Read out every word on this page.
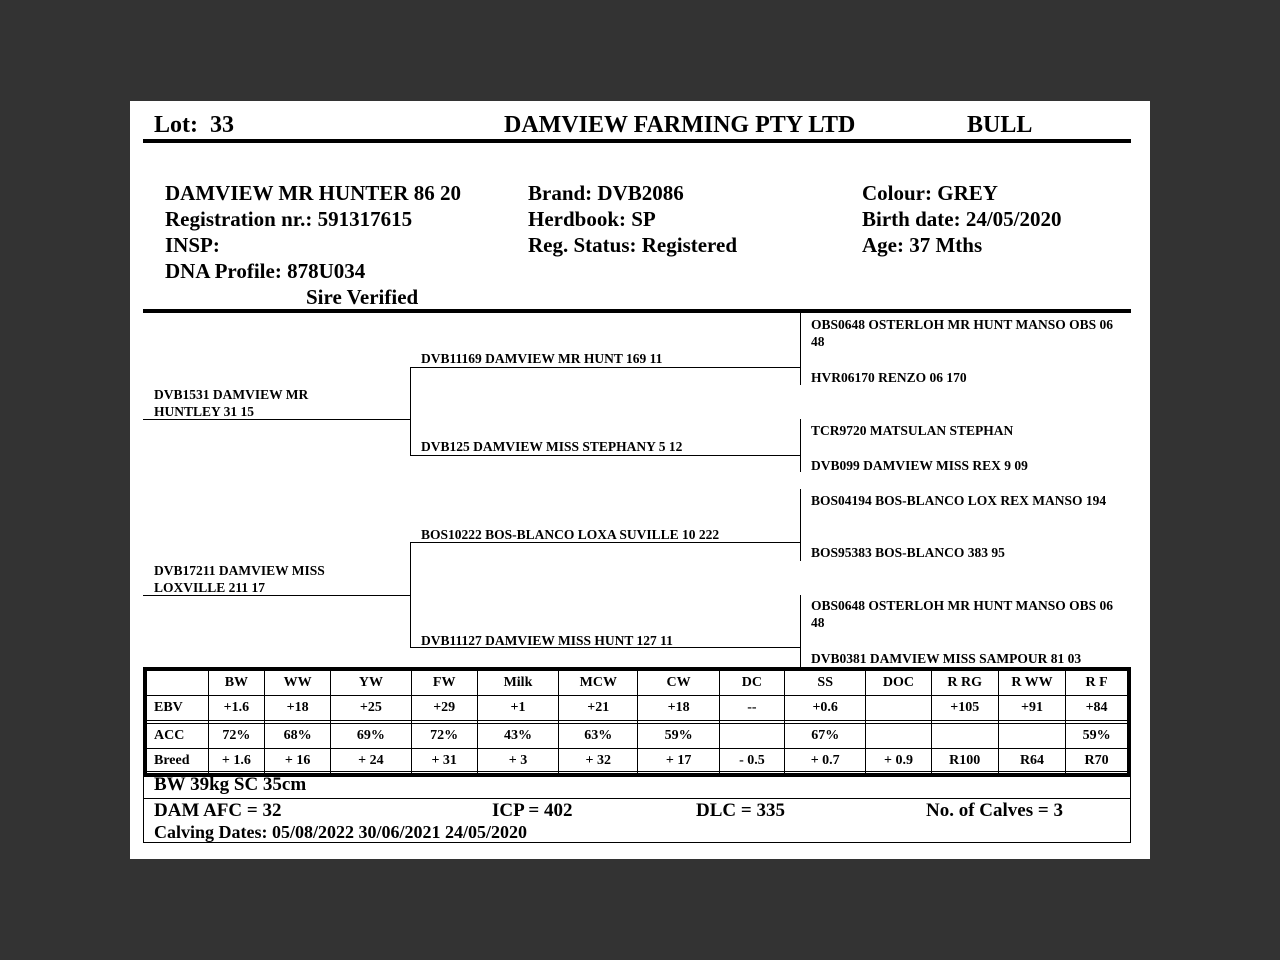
Lot: 33	DAMVIEW FARMING PTY LTD	BULL
DAMVIEW MR HUNTER 86 20
Registration nr.: 591317615
INSP:
DNA Profile: 878U034
Sire Verified
Brand: DVB2086
Herdbook: SP
Reg. Status: Registered
Colour: GREY
Birth date: 24/05/2020
Age: 37 Mths
DVB1531 DAMVIEW MR HUNTLEY 31 15
DVB17211 DAMVIEW MISS LOXVILLE 211 17
DVB11169 DAMVIEW MR HUNT 169 11
DVB125 DAMVIEW MISS STEPHANY 5 12
BOS10222 BOS-BLANCO LOXA SUVILLE 10 222
DVB11127 DAMVIEW MISS HUNT 127 11
OBS0648 OSTERLOH MR HUNT MANSO OBS 06 48
HVR06170 RENZO 06 170
TCR9720 MATSULAN STEPHAN
DVB099 DAMVIEW MISS REX 9 09
BOS04194 BOS-BLANCO LOX REX MANSO 194
BOS95383 BOS-BLANCO 383 95
OBS0648 OSTERLOH MR HUNT MANSO OBS 06 48
DVB0381 DAMVIEW MISS SAMPOUR 81 03
	BW	WW	YW	FW	Milk	MCW	CW	DC	SS	DOC	R RG	R WW	R F
EBV	+1.6	+18	+25	+29	+1	+21	+18	--	+0.6		+105	+91	+84

ACC	72%	68%	69%	72%	43%	63%	59%		67%				59%
Breed	+ 1.6	+ 16	+ 24	+ 31	+ 3	+ 32	+ 17	- 0.5	+ 0.7	+ 0.9	R100	R64	R70
BW 39kg SC 35cm
DAM AFC = 32	ICP = 402	DLC = 335	No. of Calves = 3
Calving Dates: 05/08/2022 30/06/2021 24/05/2020
